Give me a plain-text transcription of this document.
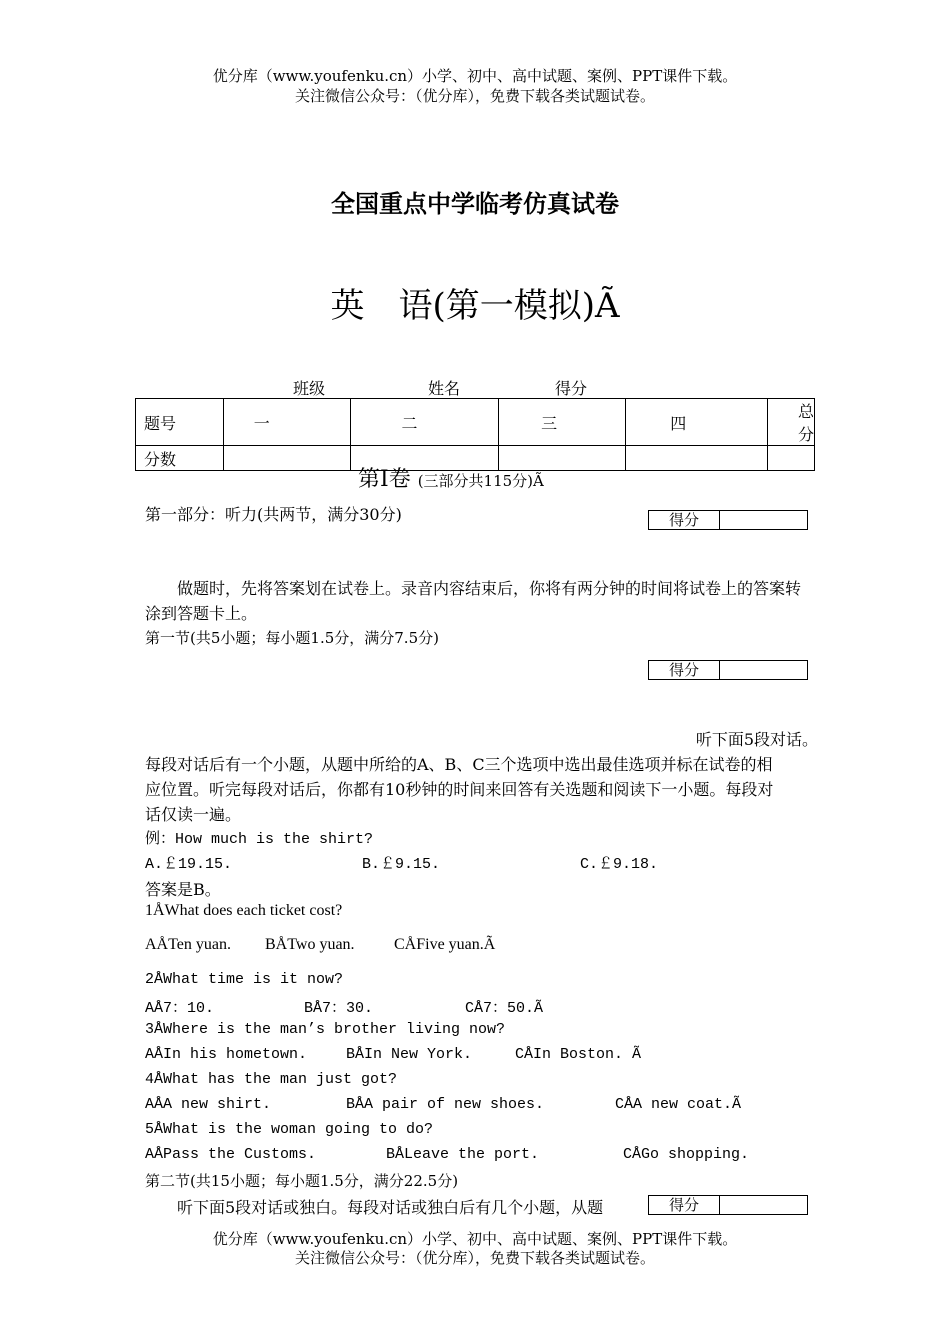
优分库（www.youfenku.cn）小学、初中、高中试题、案例、PPT课件下载。
关注微信公众号：（优分库），免费下载各类试题试卷。
全国重点中学临考仿真试卷
英　语(第一模拟)Ã
班级	姓名	得分
题号	一	二	三	四	总分
分数					
第Ⅰ卷 (三部分共115分)Ã
第一部分：听力(共两节，满分30分)	得分
做题时，先将答案划在试卷上。录音内容结束后，你将有两分钟的时间将试卷上的答案转涂到答题卡上。
第一节(共5小题；每小题1.5分，满分7.5分)
得分
听下面5段对话。
每段对话后有一个小题，从题中所给的A、B、C三个选项中选出最佳选项并标在试卷的相
应位置。听完每段对话后，你都有10秒钟的时间来回答有关选题和阅读下一小题。每段对
话仅读一遍。
例：How much is the shirt?
A.￡19.15.	B.￡9.15.	C.￡9.18.
答案是B。
1ÅWhat does each ticket cost?
AÅTen yuan. BÅTwo yuan. CÅFive yuan.Ã
2ÅWhat time is it now?
AÅ7：10.	BÅ7：30.	CÅ7：50.Ã
3ÅWhere is the man’s brother living now?
AÅIn his hometown.	BÅIn New York.	CÅIn Boston. Ã
4ÅWhat has the man just got?
AÅA new shirt.	BÅA pair of new shoes.	CÅA new coat.Ã
5ÅWhat is the woman going to do?
AÅPass the Customs.	BÅLeave the port.	CÅGo shopping.
第二节(共15小题；每小题1.5分，满分22.5分)
听下面5段对话或独白。每段对话或独白后有几个小题，从题	得分
优分库（www.youfenku.cn）小学、初中、高中试题、案例、PPT课件下载。
关注微信公众号：（优分库），免费下载各类试题试卷。
